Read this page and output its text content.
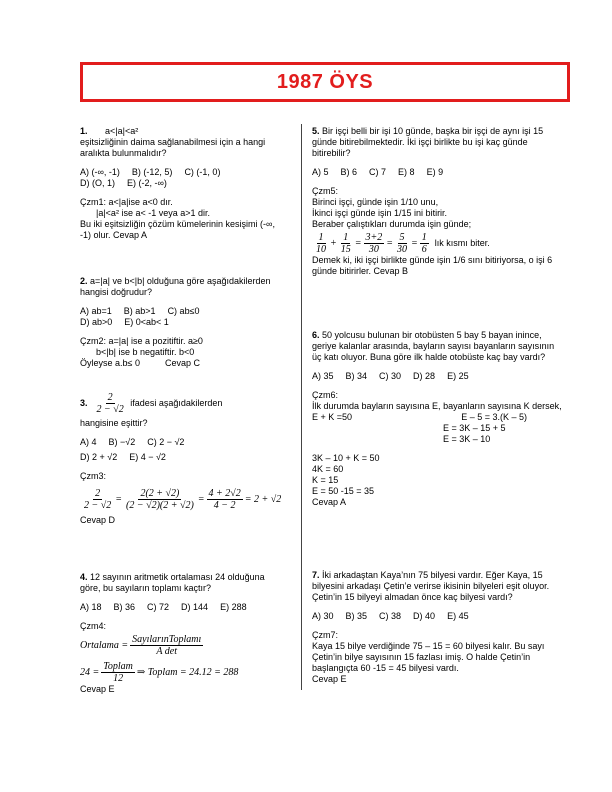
1987 ÖYS

1. a<|a|<a²

eşitsizliğinin daima sağlanabilmesi için a hangi aralıkta bulunmalıdır?

A) (-∞, -1) B) (-12, 5) C) (-1, 0)

D) (O, 1) E) (-2, -∞)

Çzm1: a<|a|ise a<0 dır.

|a|<a² ise a< -1 veya a>1 dir.

Bu iki eşitsizliğin çözüm kümelerinin kesişimi (-∞, -1) olur. Cevap A

2. a=|a| ve b<|b| olduğuna göre aşağıdakilerden hangisi doğrudur?

A) ab=1 B) ab>1 C) ab≤0

D) ab>0 E) 0<ab< 1

Çzm2: a=|a| ise a pozitiftir. a≥0

b<|b| ise b negatiftir. b<0

Öyleyse a.b≤ 0	Cevap C

3.
$\frac{2}{2 - √2}$
ifadesi aşağıdakilerden

hangisine eşittir?

A) 4 B) −√2 C) 2 − √2

D) 2 + √2 E) 4 − √2

Çzm3:

$\frac{2}{2 - √2} = \frac{2(2 + √2)}{(2 - √2)(2 + √2)} = \frac{4 + 2√2}{4 - 2} = 2 + √2$

Cevap D

4. 12 sayının aritmetik ortalaması 24 olduğuna göre, bu sayıların toplamı kaçtır?

A) 18 B) 36 C) 72 D) 144 E) 288

Çzm4:

Ortalama = $\frac{\text{SayılarınToplamı}}{\text{A det}}$
$24 = \frac{\text{Toplam}}{12}$ ⇒ Toplam = 24.12 = 288

Cevap E

5. Bir işçi belli bir işi 10 günde, başka bir işçi de aynı işi 15 günde bitirebilmektedir. İki işçi birlikte bu işi kaç günde bitirebilir?

A) 5 B) 6 C) 7 E) 8 E) 9

Çzm5:

Birinci işçi, günde işin 1/10 unu,

İkinci işçi günde işin 1/15 ini bitirir.

Beraber çalıştıkları durumda işin günde;

$\frac{1}{10} + \frac{1}{15} = \frac{3+2}{30} = \frac{5}{30} = \frac{1}{6}$ lık kısmı biter.

Demek ki, iki işçi birlikte günde işin 1/6 sını bitiriyorsa, o işi 6 günde bitirirler. Cevap B

6. 50 yolcusu bulunan bir otobüsten 5 bay 5 bayan inince, geriye kalanlar arasında, bayların sayısı bayanların sayısının üç katı oluyor. Buna göre ilk halde otobüste kaç bay vardı?

A) 35 B) 34 C) 30 D) 28 E) 25

Çzm6:

İlk durumda bayların sayısına E, bayanların sayısına K dersek,

E + K =50	E – 5 = 3.(K – 5)

E = 3K – 15 + 5

E = 3K – 10

3K – 10 + K = 50

4K = 60

K = 15

E = 50 -15 = 35

Cevap A

7. İki arkadaştan Kaya’nın 75 bilyesi vardır. Eğer Kaya, 15 bilyesini arkadaşı Çetin’e verirse ikisinin bilyeleri eşit oluyor. Çetin’in 15 bilyeyi almadan önce kaç bilyesi vardı?

A) 30 B) 35 C) 38 D) 40 E) 45

Çzm7:

Kaya 15 bilye verdiğinde 75 – 15 = 60 bilyesi kalır. Bu sayı Çetin’in bilye sayısının 15 fazlası imiş. O halde Çetin’in başlangıçta 60 -15 = 45 bilyesi vardı.

Cevap E
